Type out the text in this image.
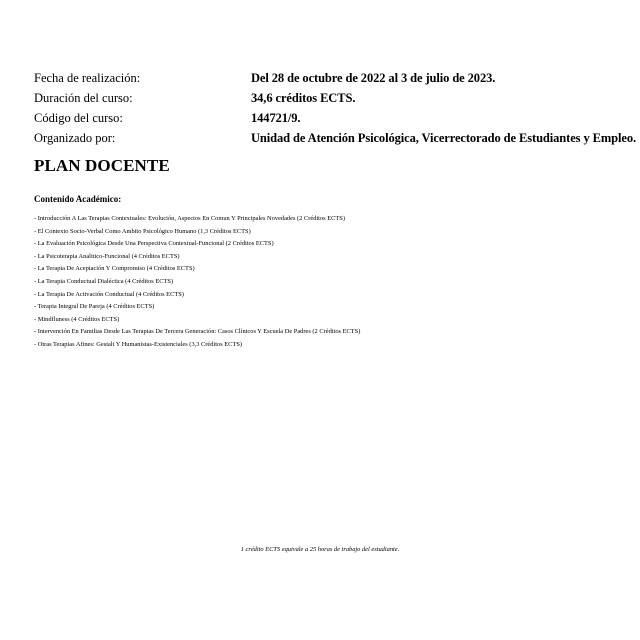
Fecha de realización:	Del 28 de octubre de 2022 al 3 de julio de 2023.
Duración del curso:	34,6 créditos ECTS.
Código del curso:	144721/9.
Organizado por:	Unidad de Atención Psicológica, Vicerrectorado de Estudiantes y Empleo.
PLAN DOCENTE
Contenido Académico:
- Introducción A Las Terapias Contextuales: Evolución, Aspectos En Comun Y Principales Novedades (2 Créditos ECTS)
- El Contexto Socio-Verbal Como Ambito Psicológico Humano (1,3 Créditos ECTS)
- La Evaluación Psicológica Desde Una Perspectiva Contextual-Funcional (2 Créditos ECTS)
- La Psicoterapia Analitico-Funcional (4 Créditos ECTS)
- La Terapia De Aceptación Y Compromiso (4 Créditos ECTS)
- La Terapia Conductual Dialéctica (4 Créditos ECTS)
- La Terapia De Activación Conductual (4 Créditos ECTS)
- Terapia Integral De Pareja (4 Créditos ECTS)
- Mindfluness (4 Créditos ECTS)
- Intervención En Familias Desde Las Terapias De Tercera Generación: Casos Clínicos Y Escuela De Padres (2 Créditos ECTS)
- Otras Terapias Afines: Gestalt Y Humanistas-Existenciales (3,3 Créditos ECTS)
1 crédito ECTS equivale a 25 horas de trabajo del estudiante.
